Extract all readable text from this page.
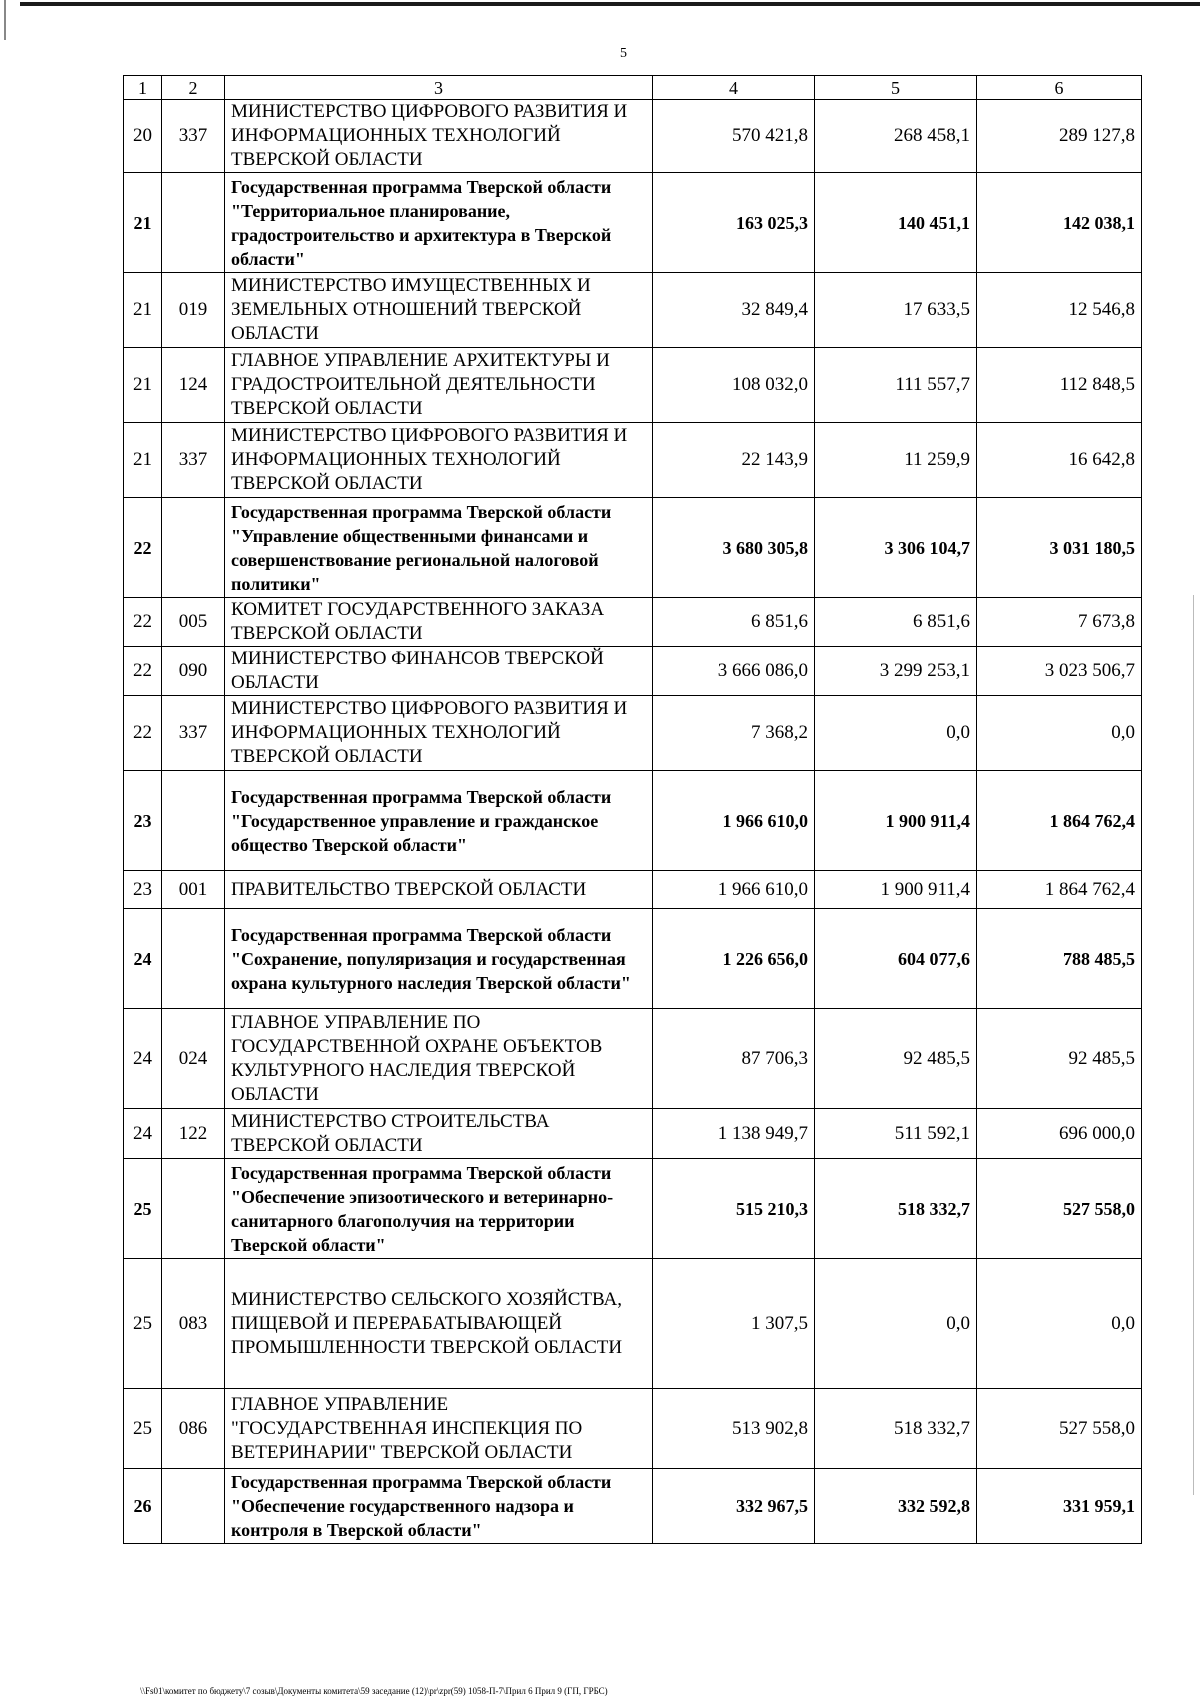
5
1	2	3	4	5	6
20	337	МИНИСТЕРСТВО ЦИФРОВОГО РАЗВИТИЯ И ИНФОРМАЦИОННЫХ ТЕХНОЛОГИЙ ТВЕРСКОЙ ОБЛАСТИ	570 421,8	268 458,1	289 127,8
21		Государственная программа Тверской области "Территориальное планирование, градостроительство и архитектура в Тверской области"	163 025,3	140 451,1	142 038,1
21	019	МИНИСТЕРСТВО ИМУЩЕСТВЕННЫХ И ЗЕМЕЛЬНЫХ ОТНОШЕНИЙ ТВЕРСКОЙ ОБЛАСТИ	32 849,4	17 633,5	12 546,8
21	124	ГЛАВНОЕ УПРАВЛЕНИЕ АРХИТЕКТУРЫ И ГРАДОСТРОИТЕЛЬНОЙ ДЕЯТЕЛЬНОСТИ ТВЕРСКОЙ ОБЛАСТИ	108 032,0	111 557,7	112 848,5
21	337	МИНИСТЕРСТВО ЦИФРОВОГО РАЗВИТИЯ И ИНФОРМАЦИОННЫХ ТЕХНОЛОГИЙ ТВЕРСКОЙ ОБЛАСТИ	22 143,9	11 259,9	16 642,8
22		Государственная программа Тверской области "Управление общественными финансами и совершенствование региональной налоговой политики"	3 680 305,8	3 306 104,7	3 031 180,5
22	005	КОМИТЕТ ГОСУДАРСТВЕННОГО ЗАКАЗА ТВЕРСКОЙ ОБЛАСТИ	6 851,6	6 851,6	7 673,8
22	090	МИНИСТЕРСТВО ФИНАНСОВ ТВЕРСКОЙ ОБЛАСТИ	3 666 086,0	3 299 253,1	3 023 506,7
22	337	МИНИСТЕРСТВО ЦИФРОВОГО РАЗВИТИЯ И ИНФОРМАЦИОННЫХ ТЕХНОЛОГИЙ ТВЕРСКОЙ ОБЛАСТИ	7 368,2	0,0	0,0
23		Государственная программа Тверской области "Государственное управление и гражданское общество Тверской области"	1 966 610,0	1 900 911,4	1 864 762,4
23	001	ПРАВИТЕЛЬСТВО ТВЕРСКОЙ ОБЛАСТИ	1 966 610,0	1 900 911,4	1 864 762,4
24		Государственная программа Тверской области "Сохранение, популяризация и государственная охрана культурного наследия Тверской области"	1 226 656,0	604 077,6	788 485,5
24	024	ГЛАВНОЕ УПРАВЛЕНИЕ ПО ГОСУДАРСТВЕННОЙ ОХРАНЕ ОБЪЕКТОВ КУЛЬТУРНОГО НАСЛЕДИЯ ТВЕРСКОЙ ОБЛАСТИ	87 706,3	92 485,5	92 485,5
24	122	МИНИСТЕРСТВО СТРОИТЕЛЬСТВА ТВЕРСКОЙ ОБЛАСТИ	1 138 949,7	511 592,1	696 000,0
25		Государственная программа Тверской области "Обеспечение эпизоотического и ветеринарно-санитарного благополучия на территории Тверской области"	515 210,3	518 332,7	527 558,0
25	083	МИНИСТЕРСТВО СЕЛЬСКОГО ХОЗЯЙСТВА, ПИЩЕВОЙ И ПЕРЕРАБАТЫВАЮЩЕЙ ПРОМЫШЛЕННОСТИ ТВЕРСКОЙ ОБЛАСТИ	1 307,5	0,0	0,0
25	086	ГЛАВНОЕ УПРАВЛЕНИЕ "ГОСУДАРСТВЕННАЯ ИНСПЕКЦИЯ ПО ВЕТЕРИНАРИИ" ТВЕРСКОЙ ОБЛАСТИ	513 902,8	518 332,7	527 558,0
26		Государственная программа Тверской области "Обеспечение государственного надзора и контроля в Тверской области"	332 967,5	332 592,8	331 959,1
\\Fs01\комитет по бюджету\7 созыв\Документы комитета\59 заседание (12)\pr\zpr(59) 1058-П-7\Прил 6 Прил 9 (ГП, ГРБС)
